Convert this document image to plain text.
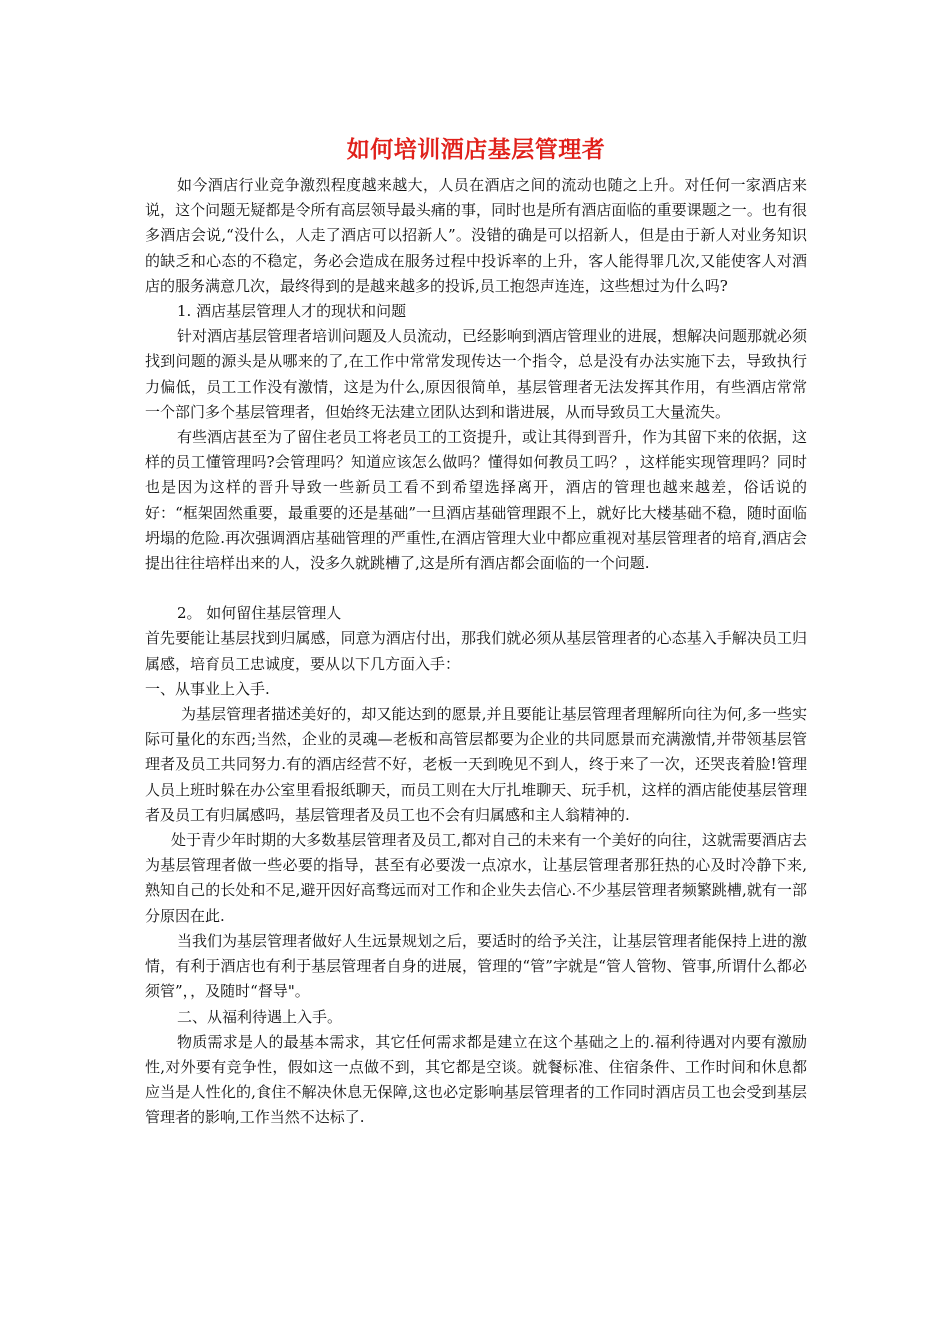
如何培训酒店基层管理者

如今酒店行业竞争激烈程度越来越大，人员在酒店之间的流动也随之上升。对任何一家酒店来说，这个问题无疑都是令所有高层领导最头痛的事，同时也是所有酒店面临的重要课题之一。也有很多酒店会说,“没什么，人走了酒店可以招新人”。没错的确是可以招新人，但是由于新人对业务知识的缺乏和心态的不稳定，务必会造成在服务过程中投诉率的上升，客人能得罪几次,又能使客人对酒店的服务满意几次，最终得到的是越来越多的投诉,员工抱怨声连连，这些想过为什么吗?

1. 酒店基层管理人才的现状和问题

针对酒店基层管理者培训问题及人员流动，已经影响到酒店管理业的进展，想解决问题那就必须找到问题的源头是从哪来的了,在工作中常常发现传达一个指令，总是没有办法实施下去，导致执行力偏低，员工工作没有激情，这是为什么,原因很简单，基层管理者无法发挥其作用，有些酒店常常一个部门多个基层管理者，但始终无法建立团队达到和谐进展，从而导致员工大量流失。

有些酒店甚至为了留住老员工将老员工的工资提升，或让其得到晋升，作为其留下来的依据，这样的员工懂管理吗?会管理吗？知道应该怎么做吗？懂得如何教员工吗？，这样能实现管理吗？同时也是因为这样的晋升导致一些新员工看不到希望选择离开，酒店的管理也越来越差，俗话说的好：“框架固然重要，最重要的还是基础”一旦酒店基础管理跟不上，就好比大楼基础不稳，随时面临坍塌的危险.再次强调酒店基础管理的严重性,在酒店管理大业中都应重视对基层管理者的培育,酒店会提出往往培样出来的人，没多久就跳槽了,这是所有酒店都会面临的一个问题.

2。 如何留住基层管理人

首先要能让基层找到归属感，同意为酒店付出，那我们就必须从基层管理者的心态基入手解决员工归属感，培育员工忠诚度，要从以下几方面入手：

一、从事业上入手.

为基层管理者描述美好的，却又能达到的愿景,并且要能让基层管理者理解所向往为何,多一些实际可量化的东西;当然，企业的灵魂—老板和高管层都要为企业的共同愿景而充满激情,并带领基层管理者及员工共同努力.有的酒店经营不好，老板一天到晚见不到人，终于来了一次，还哭丧着脸!管理人员上班时躲在办公室里看报纸聊天，而员工则在大厅扎堆聊天、玩手机，这样的酒店能使基层管理者及员工有归属感吗，基层管理者及员工也不会有归属感和主人翁精神的.

处于青少年时期的大多数基层管理者及员工,都对自己的未来有一个美好的向往，这就需要酒店去为基层管理者做一些必要的指导，甚至有必要泼一点凉水，让基层管理者那狂热的心及时冷静下来,熟知自己的长处和不足,避开因好高骛远而对工作和企业失去信心.不少基层管理者频繁跳槽,就有一部分原因在此.

当我们为基层管理者做好人生远景规划之后，要适时的给予关注，让基层管理者能保持上进的激情，有利于酒店也有利于基层管理者自身的进展，管理的“管”字就是“管人管物、管事,所谓什么都必须管”，，及随时“督导"。

二、从福利待遇上入手。

物质需求是人的最基本需求，其它任何需求都是建立在这个基础之上的.福利待遇对内要有激励性,对外要有竞争性，假如这一点做不到，其它都是空谈。就餐标准、住宿条件、工作时间和休息都应当是人性化的,食住不解决休息无保障,这也必定影响基层管理者的工作同时酒店员工也会受到基层管理者的影响,工作当然不达标了.
